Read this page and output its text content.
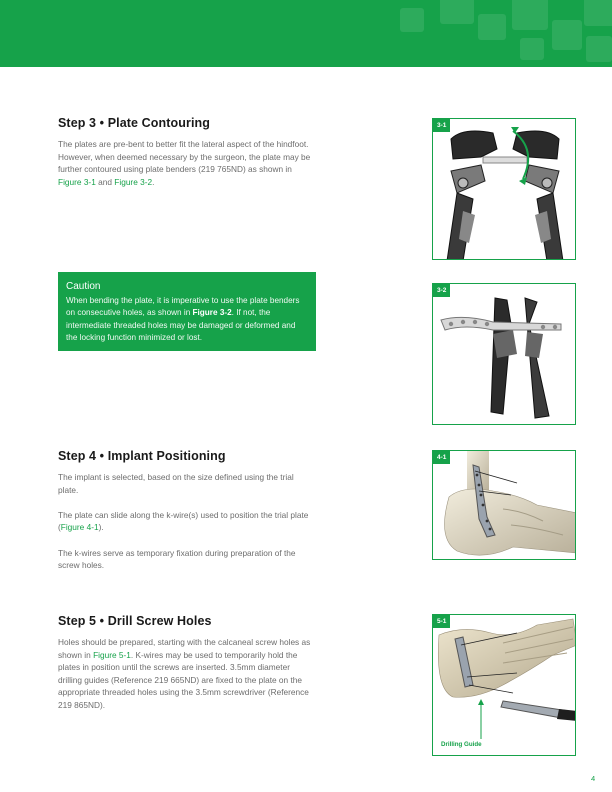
Step 3 • Plate Contouring

The plates are pre-bent to better fit the lateral aspect of the hindfoot. However, when deemed necessary by the surgeon, the plate may be further contoured using plate benders (219 765ND) as shown in Figure 3-1 and Figure 3-2.

Caution
When bending the plate, it is imperative to use the plate benders on consecutive holes, as shown in Figure 3-2. If not, the intermediate threaded holes may be damaged or deformed and the locking function minimized or lost.
Step 4 • Implant Positioning

The implant is selected, based on the size defined using the trial plate.

The plate can slide along the k-wire(s) used to position the trial plate (Figure 4-1).

The k-wires serve as temporary fixation during preparation of the screw holes.

Step 5 • Drill Screw Holes

Holes should be prepared, starting with the calcaneal screw holes as shown in Figure 5-1. K-wires may be used to temporarily hold the plates in position until the screws are inserted. 3.5mm diameter drilling guides (Reference 219 665ND) are fixed to the plate on the appropriate threaded holes using the 3.5mm screwdriver (Reference 219 865ND).

3-1
3-2
4-1
5-1
Drilling Guide
4
